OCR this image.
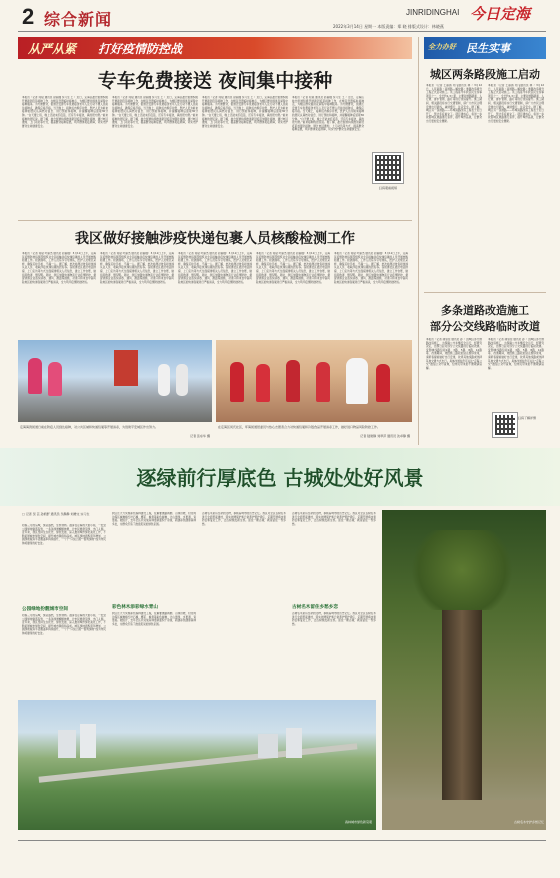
2 综合新闻	JINRIDINGHAI 今日定海
2022年3月14日 星期一 本版责编：郑 晓 排版式设计：林晓燕
从严从紧 打好疫情防控战
专车免费接送 夜间集中接种
本报讯（记者 何斌 通讯员 赵丽瑾 实习生 王 ）近日，定海区盐仓街道积极开展新冠疫苗接种工作，在辖区设置临时接种点，为辖区群众提供夜间集中接种服务。为方便群众，街道还安排专车免费接送老年人及行动不便人员前往接种点，确保应接尽接。当天晚上，接种点内秩序井然，医护人员为前来接种的居民认真核对信息、进行预检和接种，并提醒接种后留观30分钟。“白天要上班，晚上还能来打疫苗，还有专车接送，真的很方便。”前来接种的居民说。据了解，盐仓街道持续推进新冠疫苗加强针接种，通过电话通知、上门动员等方式，提高群众接种意愿，筑牢群体免疫屏障，切实守护群众生命健康安全。
本报讯（记者 何斌 通讯员 赵丽瑾 实习生 王 ）近日，定海区盐仓街道积极开展新冠疫苗接种工作，在辖区设置临时接种点，为辖区群众提供夜间集中接种服务。为方便群众，街道还安排专车免费接送老年人及行动不便人员前往接种点，确保应接尽接。当天晚上，接种点内秩序井然，医护人员为前来接种的居民认真核对信息、进行预检和接种，并提醒接种后留观30分钟。“白天要上班，晚上还能来打疫苗，还有专车接送，真的很方便。”前来接种的居民说。据了解，盐仓街道持续推进新冠疫苗加强针接种，通过电话通知、上门动员等方式，提高群众接种意愿，筑牢群体免疫屏障，切实守护群众生命健康安全。
本报讯（记者 何斌 通讯员 赵丽瑾 实习生 王 ）近日，定海区盐仓街道积极开展新冠疫苗接种工作，在辖区设置临时接种点，为辖区群众提供夜间集中接种服务。为方便群众，街道还安排专车免费接送老年人及行动不便人员前往接种点，确保应接尽接。当天晚上，接种点内秩序井然，医护人员为前来接种的居民认真核对信息、进行预检和接种，并提醒接种后留观30分钟。“白天要上班，晚上还能来打疫苗，还有专车接送，真的很方便。”前来接种的居民说。据了解，盐仓街道持续推进新冠疫苗加强针接种，通过电话通知、上门动员等方式，提高群众接种意愿，筑牢群体免疫屏障，切实守护群众生命健康安全。
本报讯（记者 何斌 通讯员 赵丽瑾 实习生 王 ）近日，定海区盐仓街道积极开展新冠疫苗接种工作，在辖区设置临时接种点，为辖区群众提供夜间集中接种服务。为方便群众，街道还安排专车免费接送老年人及行动不便人员前往接种点，确保应接尽接。当天晚上，接种点内秩序井然，医护人员为前来接种的居民认真核对信息、进行预检和接种，并提醒接种后留观30分钟。“白天要上班，晚上还能来打疫苗，还有专车接送，真的很方便。”前来接种的居民说。据了解，盐仓街道持续推进新冠疫苗加强针接种，通过电话通知、上门动员等方式，提高群众接种意愿，筑牢群体免疫屏障，切实守护群众生命健康安全。
扫码观看视频
我区做好接触涉疫快递包裹人员核酸检测工作
本报讯（记者 何斌 叶丽杰 通讯员 赵丽瑾）3月11日上午，定海区疫情防控指挥部组织对全区接触涉疫快递包裹的人员开展核酸检测工作。检测现场，工作人员有序引导排队，医护人员规范采样，确保应检尽检、不漏一人。据了解，此次检测对象包括快递从业人员、收取涉疫快递包裹的居民等。各街道社区通过电话排摸、上门走访等方式全面摸排相关人员信息，建立工作台账，做到底数清、情况明。同时，我区加强快递物流行业疫情防控，督促快递企业落实消毒、通风、测温等措施，对进口和来自中高风险地区的快递包裹进行严格消杀，全力筑牢疫情防控防线。
本报讯（记者 何斌 叶丽杰 通讯员 赵丽瑾）3月11日上午，定海区疫情防控指挥部组织对全区接触涉疫快递包裹的人员开展核酸检测工作。检测现场，工作人员有序引导排队，医护人员规范采样，确保应检尽检、不漏一人。据了解，此次检测对象包括快递从业人员、收取涉疫快递包裹的居民等。各街道社区通过电话排摸、上门走访等方式全面摸排相关人员信息，建立工作台账，做到底数清、情况明。同时，我区加强快递物流行业疫情防控，督促快递企业落实消毒、通风、测温等措施，对进口和来自中高风险地区的快递包裹进行严格消杀，全力筑牢疫情防控防线。
本报讯（记者 何斌 叶丽杰 通讯员 赵丽瑾）3月11日上午，定海区疫情防控指挥部组织对全区接触涉疫快递包裹的人员开展核酸检测工作。检测现场，工作人员有序引导排队，医护人员规范采样，确保应检尽检、不漏一人。据了解，此次检测对象包括快递从业人员、收取涉疫快递包裹的居民等。各街道社区通过电话排摸、上门走访等方式全面摸排相关人员信息，建立工作台账，做到底数清、情况明。同时，我区加强快递物流行业疫情防控，督促快递企业落实消毒、通风、测温等措施，对进口和来自中高风险地区的快递包裹进行严格消杀，全力筑牢疫情防控防线。
本报讯（记者 何斌 叶丽杰 通讯员 赵丽瑾）3月11日上午，定海区疫情防控指挥部组织对全区接触涉疫快递包裹的人员开展核酸检测工作。检测现场，工作人员有序引导排队，医护人员规范采样，确保应检尽检、不漏一人。据了解，此次检测对象包括快递从业人员、收取涉疫快递包裹的居民等。各街道社区通过电话排摸、上门走访等方式全面摸排相关人员信息，建立工作台账，做到底数清、情况明。同时，我区加强快递物流行业疫情防控，督促快递企业落实消毒、通风、测温等措施，对进口和来自中高风险地区的快递包裹进行严格消杀，全力筑牢疫情防控防线。
本报讯（记者 何斌 叶丽杰 通讯员 赵丽瑾）3月11日上午，定海区疫情防控指挥部组织对全区接触涉疫快递包裹的人员开展核酸检测工作。检测现场，工作人员有序引导排队，医护人员规范采样，确保应检尽检、不漏一人。据了解，此次检测对象包括快递从业人员、收取涉疫快递包裹的居民等。各街道社区通过电话排摸、上门走访等方式全面摸排相关人员信息，建立工作台账，做到底数清、情况明。同时，我区加强快递物流行业疫情防控，督促快递企业落实消毒、通风、测温等措施，对进口和来自中高风险地区的快递包裹进行严格消杀，全力筑牢疫情防控防线。
定海海滨街道日前在防疫人员到达接种，对公共区域和快递包裹等开展消杀，为创建平安城区作出努力。
记者 张东华 摄
在定海区何氏社区，环海街道居委员与热心志愿者合力对快递包裹和冷链食品开展消杀工作，做好进口物品风险防控工作。
记者 陆建静 刘翠萍 通讯员 沈卓静 摄
全力办好 民生实事
城区两条路段施工启动
本报讯（记者 王丽霞 刘飞通讯员 林 ）3月12日，人民南路（昌国路—解放路）道路改造提升工程正式启动施工。该工程是今年我区民生实事项目之一，全长约1.3公里，主要对道路路面、人行道、排水管网、路灯等进行改造提升。施工期间，相关路段将实行交通管制，请广大市民合理安排出行路线，减速慢行，注意安全。据了解，城区另一条道路——环城南路改造工程也于近日开工，预计年底前完工。项目建成后，将进一步改善城区道路通行条件，提升城市品质，让群众出行更加安全便捷。
本报讯（记者 王丽霞 刘飞通讯员 林 ）3月12日，人民南路（昌国路—解放路）道路改造提升工程正式启动施工。该工程是今年我区民生实事项目之一，全长约1.3公里，主要对道路路面、人行道、排水管网、路灯等进行改造提升。施工期间，相关路段将实行交通管制，请广大市民合理安排出行路线，减速慢行，注意安全。据了解，城区另一条道路——环城南路改造工程也于近日开工，预计年底前完工。项目建成后，将进一步改善城区道路通行条件，提升城市品质，让群众出行更加安全便捷。
多条道路改造施工
部分公交线路临时改道
本报讯（记者 胡思佳 通讯员 孙 ）因城区部分道路改造施工，为保障公交车辆安全运行，经研究决定，自即日起对部分公交线路进行临时改道。受影响线路包括1路、3路、5路、8路、12路等，改道期间，途经施工路段的站点暂停使用，请乘客提前做好出行安排，改乘其他线路或选择其他交通方式出行。具体改道信息可关注“定海公交”微信公众号查询，给市民带来的不便敬请谅解。
本报讯（记者 胡思佳 通讯员 孙 ）因城区部分道路改造施工，为保障公交车辆安全运行，经研究决定，自即日起对部分公交线路进行临时改道。受影响线路包括1路、3路、5路、8路、12路等，改道期间，途经施工路段的站点暂停使用，请乘客提前做好出行安排，改乘其他线路或选择其他交通方式出行。具体改道信息可关注“定海公交”微信公众号查询，给市民带来的不便敬请谅解。
扫码了解详情
逐绿前行厚底色 古城处处好风景
□ 记者 吴 芸 孙炳舒 通讯员 乐静静 刘增文 实习生
阳春三月的岛城，绿意盎然，生机勃勃。漫步在定海的大街小巷，一处处公园绿地错落有致，一条条绿道蜿蜒伸展，让市民推窗见绿、出门入园。近年来，我区坚持生态优先、绿色发展，深入推进城市绿化美化工作，不断拓展城市绿色空间，提升城市颜值和品质。城区绿地面积逐年增加，公园绿地服务半径覆盖率持续提升，一个个“口袋公园”“街角绿地”成为市民休闲健身的好去处。
公园绿地扮靓城市空间
阳春三月的岛城，绿意盎然，生机勃勃。漫步在定海的大街小巷，一处处公园绿地错落有致，一条条绿道蜿蜒伸展，让市民推窗见绿、出门入园。近年来，我区坚持生态优先、绿色发展，深入推进城市绿化美化工作，不断拓展城市绿色空间，提升城市颜值和品质。城区绿地面积逐年增加，公园绿地服务半径覆盖率持续提升，一个个“口袋公园”“街角绿地”成为市民休闲健身的好去处。
我区还大力实施彩色森林建设工程，在重要道路两侧、山体边坡、村庄周边等区域种植红叶石楠、樱花、枫香等彩色树种，让山更绿、水更清、景更美。据统计，去年全区共完成造林更新面积千余亩，新建彩色健康森林多处，为群众打造了推窗见景的绿色家园。
彩色林木添彩绿水青山
我区还大力实施彩色森林建设工程，在重要道路两侧、山体边坡、村庄周边等区域种植红叶石楠、樱花、枫香等彩色树种，让山更绿、水更清、景更美。据统计，去年全区共完成造林更新面积千余亩，新建彩色健康森林多处，为群众打造了推窗见景的绿色家园。
古树名木是有生命的文物，承载着城市的历史记忆。我区对全区古树名木进行全面普查建档，落实挂牌保护和日常养护管护责任，定期开展病虫害防治和复壮工作，让古树焕发新生机。留住一棵古树，就是留住一份乡愁。
古树名木是有生命的文物，承载着城市的历史记忆。我区对全区古树名木进行全面普查建档，落实挂牌保护和日常养护管护责任，定期开展病虫害防治和复壮工作，让古树焕发新生机。留住一棵古树，就是留住一份乡愁。
古树名木留住乡愁乡恋
古树名木是有生命的文物，承载着城市的历史记忆。我区对全区古树名木进行全面普查建档，落实挂牌保护和日常养护管护责任，定期开展病虫害防治和复壮工作，让古树焕发新生机。留住一棵古树，就是留住一份乡愁。
古树名木守护乡愁记忆
森林城市绿色新景观
